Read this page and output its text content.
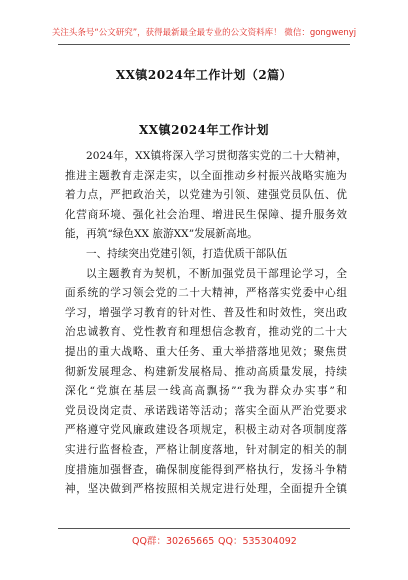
关注头条号“公文研究”，获得最新最全最专业的公文资料库！ 微信：gongwenyj
XX镇2024年工作计划（2篇）
XX镇2024年工作计划
2024年，XX镇将深入学习贯彻落实党的二十大精神，
推进主题教育走深走实，以全面推动乡村振兴战略实施为
着力点，严把政治关，以党建为引领、建强党员队伍、优
化营商环境、强化社会治理、增进民生保障、提升服务效
能，再筑“绿色XX 旅游XX”发展新高地。
一、持续突出党建引领，打造优质干部队伍
以主题教育为契机，不断加强党员干部理论学习，全
面系统的学习领会党的二十大精神，严格落实党委中心组
学习，增强学习教育的针对性、普及性和时效性，突出政
治忠诚教育、党性教育和理想信念教育，推动党的二十大
提出的重大战略、重大任务、重大举措落地见效；聚焦贯
彻新发展理念、构建新发展格局、推动高质量发展，持续
深化“党旗在基层一线高高飘扬”“我为群众办实事”和
党员设岗定责、承诺践诺等活动；落实全面从严治党要求
严格遵守党风廉政建设各项规定，积极主动对各项制度落
实进行监督检查，严格让制度落地，针对制定的相关的制
度措施加强督查，确保制度能得到严格执行，发扬斗争精
神，坚决做到严格按照相关规定进行处理，全面提升全镇
QQ群：30265665 QQ：535304092
